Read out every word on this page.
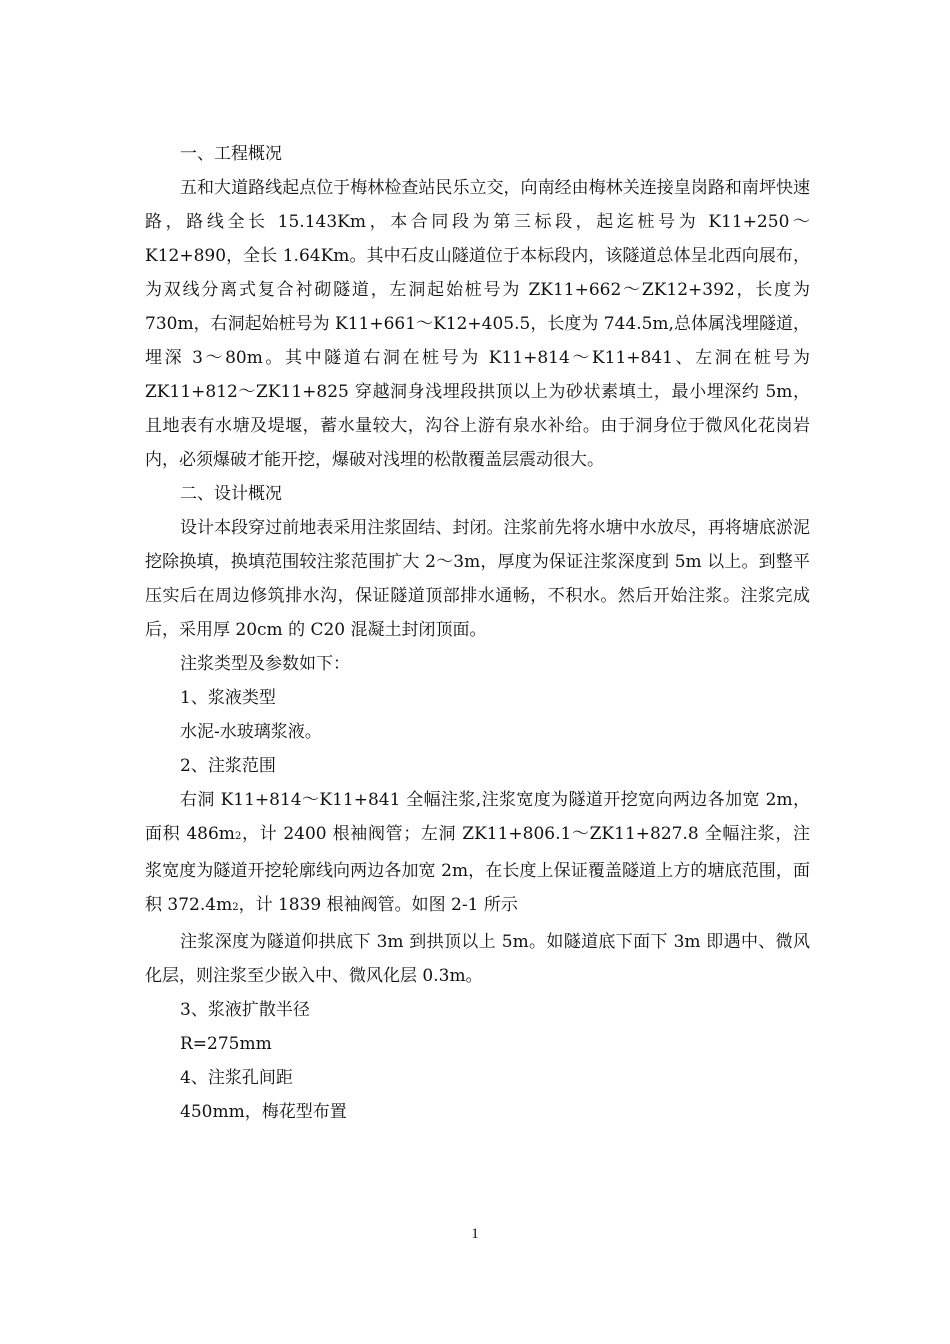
一、工程概况

五和大道路线起点位于梅林检查站民乐立交，向南经由梅林关连接皇岗路和南坪快速路，路线全长 15.143Km，本合同段为第三标段，起迄桩号为 K11+250～K12+890，全长 1.64Km。其中石皮山隧道位于本标段内，该隧道总体呈北西向展布，为双线分离式复合衬砌隧道，左洞起始桩号为 ZK11+662～ZK12+392，长度为 730m，右洞起始桩号为 K11+661～K12+405.5，长度为 744.5m,总体属浅埋隧道，埋深 3～80m。其中隧道右洞在桩号为 K11+814～K11+841、左洞在桩号为 ZK11+812～ZK11+825 穿越洞身浅埋段拱顶以上为砂状素填土，最小埋深约 5m，且地表有水塘及堤堰，蓄水量较大，沟谷上游有泉水补给。由于洞身位于微风化花岗岩内，必须爆破才能开挖，爆破对浅埋的松散覆盖层震动很大。

二、设计概况

设计本段穿过前地表采用注浆固结、封闭。注浆前先将水塘中水放尽，再将塘底淤泥挖除换填，换填范围较注浆范围扩大 2～3m，厚度为保证注浆深度到 5m 以上。到整平压实后在周边修筑排水沟，保证隧道顶部排水通畅，不积水。然后开始注浆。注浆完成后，采用厚 20cm 的 C20 混凝土封闭顶面。

注浆类型及参数如下：

1、浆液类型

水泥-水玻璃浆液。

2、注浆范围

右洞 K11+814～K11+841 全幅注浆,注浆宽度为隧道开挖宽向两边各加宽 2m，面积 486m2，计 2400 根袖阀管；左洞 ZK11+806.1～ZK11+827.8 全幅注浆，注浆宽度为隧道开挖轮廓线向两边各加宽 2m，在长度上保证覆盖隧道上方的塘底范围，面积 372.4m2，计 1839 根袖阀管。如图 2-1 所示

注浆深度为隧道仰拱底下 3m 到拱顶以上 5m。如隧道底下面下 3m 即遇中、微风化层，则注浆至少嵌入中、微风化层 0.3m。

3、浆液扩散半径

R=275mm

4、注浆孔间距

450mm，梅花型布置

1
